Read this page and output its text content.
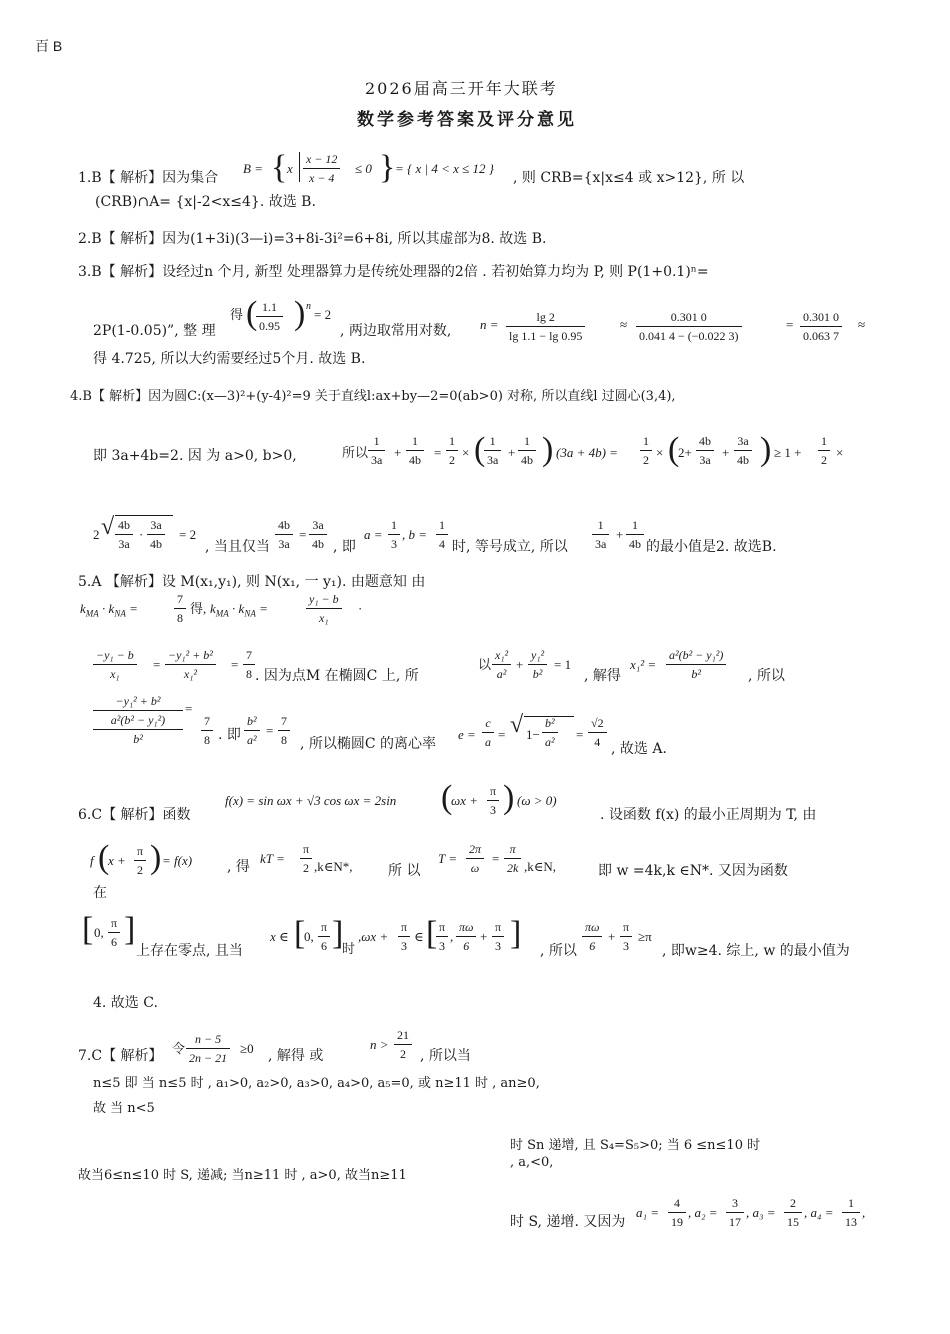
百 B
2026届高三开年大联考
数学参考答案及评分意见
1.B【 解析】因为集合
B = { x $\frac{x - 12}{x - 4} \le 0$ } = { x | 4 < x ≤ 12 }
, 则 CRB={x|x≤4 或 x>12}, 所 以
(CRB)∩A= {x|-2<x≤4}. 故选 B.
2.B【 解析】因为(1+3i)(3—i)=3+8i-3i²=6+8i, 所以其虚部为8. 故选 B.
3.B【 解析】设经过n 个月, 新型 处理器算力是传统处理器的2倍 . 若初始算力均为 P, 则 P(1+0.1)ⁿ=
2P(1-0.05)”, 整 理
得 (
$\frac{1.1}{0.95}$ ) n
= 2
, 两边取常用对数, $n = \frac{\lg 2}{\lg 1.1 - \lg 0.95}$	≈ $\frac{0.301 0}{0.041 4 - (-0.022 3)}$	= $\frac{0.301 0}{0.063 7}$ ≈
得 4.725, 所以大约需要经过5个月. 故选 B.
4.B【 解析】因为圆C:(x—3)²+(y-4)²=9 关于直线l:ax+by—2=0(ab>0) 对称, 所以直线l 过圆心(3,4),
即 3a+4b=2. 因 为 a>0, b>0,	所以 $\frac{1}{3a} + \frac{1}{4b} = \frac{1}{2}$ × (
$\frac{1}{3a} + \frac{1}{4b}$ ) $(3a + 4b) = \frac{1}{2}$ × (
$2+ \frac{4b}{3a} + \frac{3a}{4b}$ ) ≥ $1 + \frac{1}{2}$ ×
2 √ $\frac{4b}{3a} \cdot \frac{3a}{4b} = 2$
, 当且仅当 $\frac{4b}{3a} = \frac{3a}{4b}$ , 即
$a = \frac{1}{3}$ , $b = \frac{1}{4}$ 时, 等号成立, 所以 $\frac{1}{3a} + \frac{1}{4b}$ 的最小值是2. 故选B.
5.A 【解析】设 M(x₁,y₁), 则 N(x₁, 一 y₁). 由题意知 由
$k_{MA} \cdot k_{NA}$ =	$\frac{7}{8}$ 得, $k_{MA} \cdot k_{NA}$ =	$\frac{\text{y₁ − b}}{\text{x₁}}$ ·
$\frac{\text{−y₁ − b}}{\text{x₁}} = \frac{\text{−y₁² + b²}}{\text{x₁²}} = \frac{7}{8}$ . 因为点M 在椭圆C 上, 所
以 $\frac{\text{x₁²}}{\text{a²}} + \frac{\text{y₁²}}{\text{b²}} = 1$
, 解得
$x_1^2 = \frac{\text{a²(b² − y₁²)}}{\text{b²}}$ , 所以
−y₁² + b²
a²(b² − y₁²)
b²
=
$\frac{7}{8}$ . 即 $\frac{\text{b²}}{\text{a²}} = \frac{7}{8}$ , 所以椭圆C 的离心率
$e = \frac{c}{a}$ = √ $1- \frac{\text{b²}}{\text{a²}} = \frac{√2}{4}$ , 故选 A.
6.C【 解析】函数
f(x) = sin ωx + √3 cos ωx = 2sin (
$\omega x + \frac{\pi}{3}$ ) (ω > 0)
. 设函数 f(x) 的最小正周期为 T, 由
f (
$x + \frac{\pi}{2}$ ) = f(x) , 得
kT = $\frac{\pi}{2}$ ,k∈N*,	所 以
$T = \frac{2\pi}{\omega} = \frac{\pi}{2k}$ ,k∈N,	即 w =4k,k ∈N*. 又因为函数
在
[ 0, $\frac{\pi}{6}$ ]
上存在零点, 且当
x ∈ [
0, $\frac{\pi}{6}$ ]
时
$,\omega x + \frac{\pi}{3}$ ∈ [
$\frac{\pi}{3}$ , $\frac{\pi\omega}{6} + \frac{\pi}{3}$ ] , 所以 $\frac{\pi\omega}{6} + \frac{\pi}{3} \ge\pi$
, 即w≥4. 综上, w 的最小值为
4. 故选 C.
7.C【 解析】 令 $\frac{n - 5}{2n - 21} \ge 0$ , 解得 或
$n > \frac{21}{2}$ , 所以当
n≤5 即 当 n≤5 时 , a₁>0, a₂>0, a₃>0, a₄>0, a₅=0, 或 n≥11 时 , an≥0,
故 当 n<5
时 Sn 递增, 且 S₄=S₅>0; 当 6 ≤n≤10 时
, a,<0,
故当6≤n≤10 时 S, 递减; 当n≥11 时 , a>0, 故当n≥11
时 S, 递增. 又因为
$a_1 = \frac{4}{19}$ , $a_2 = \frac{3}{17}$ , $a_3 = \frac{2}{15}$ , $a_4 = \frac{1}{13}$ ,
